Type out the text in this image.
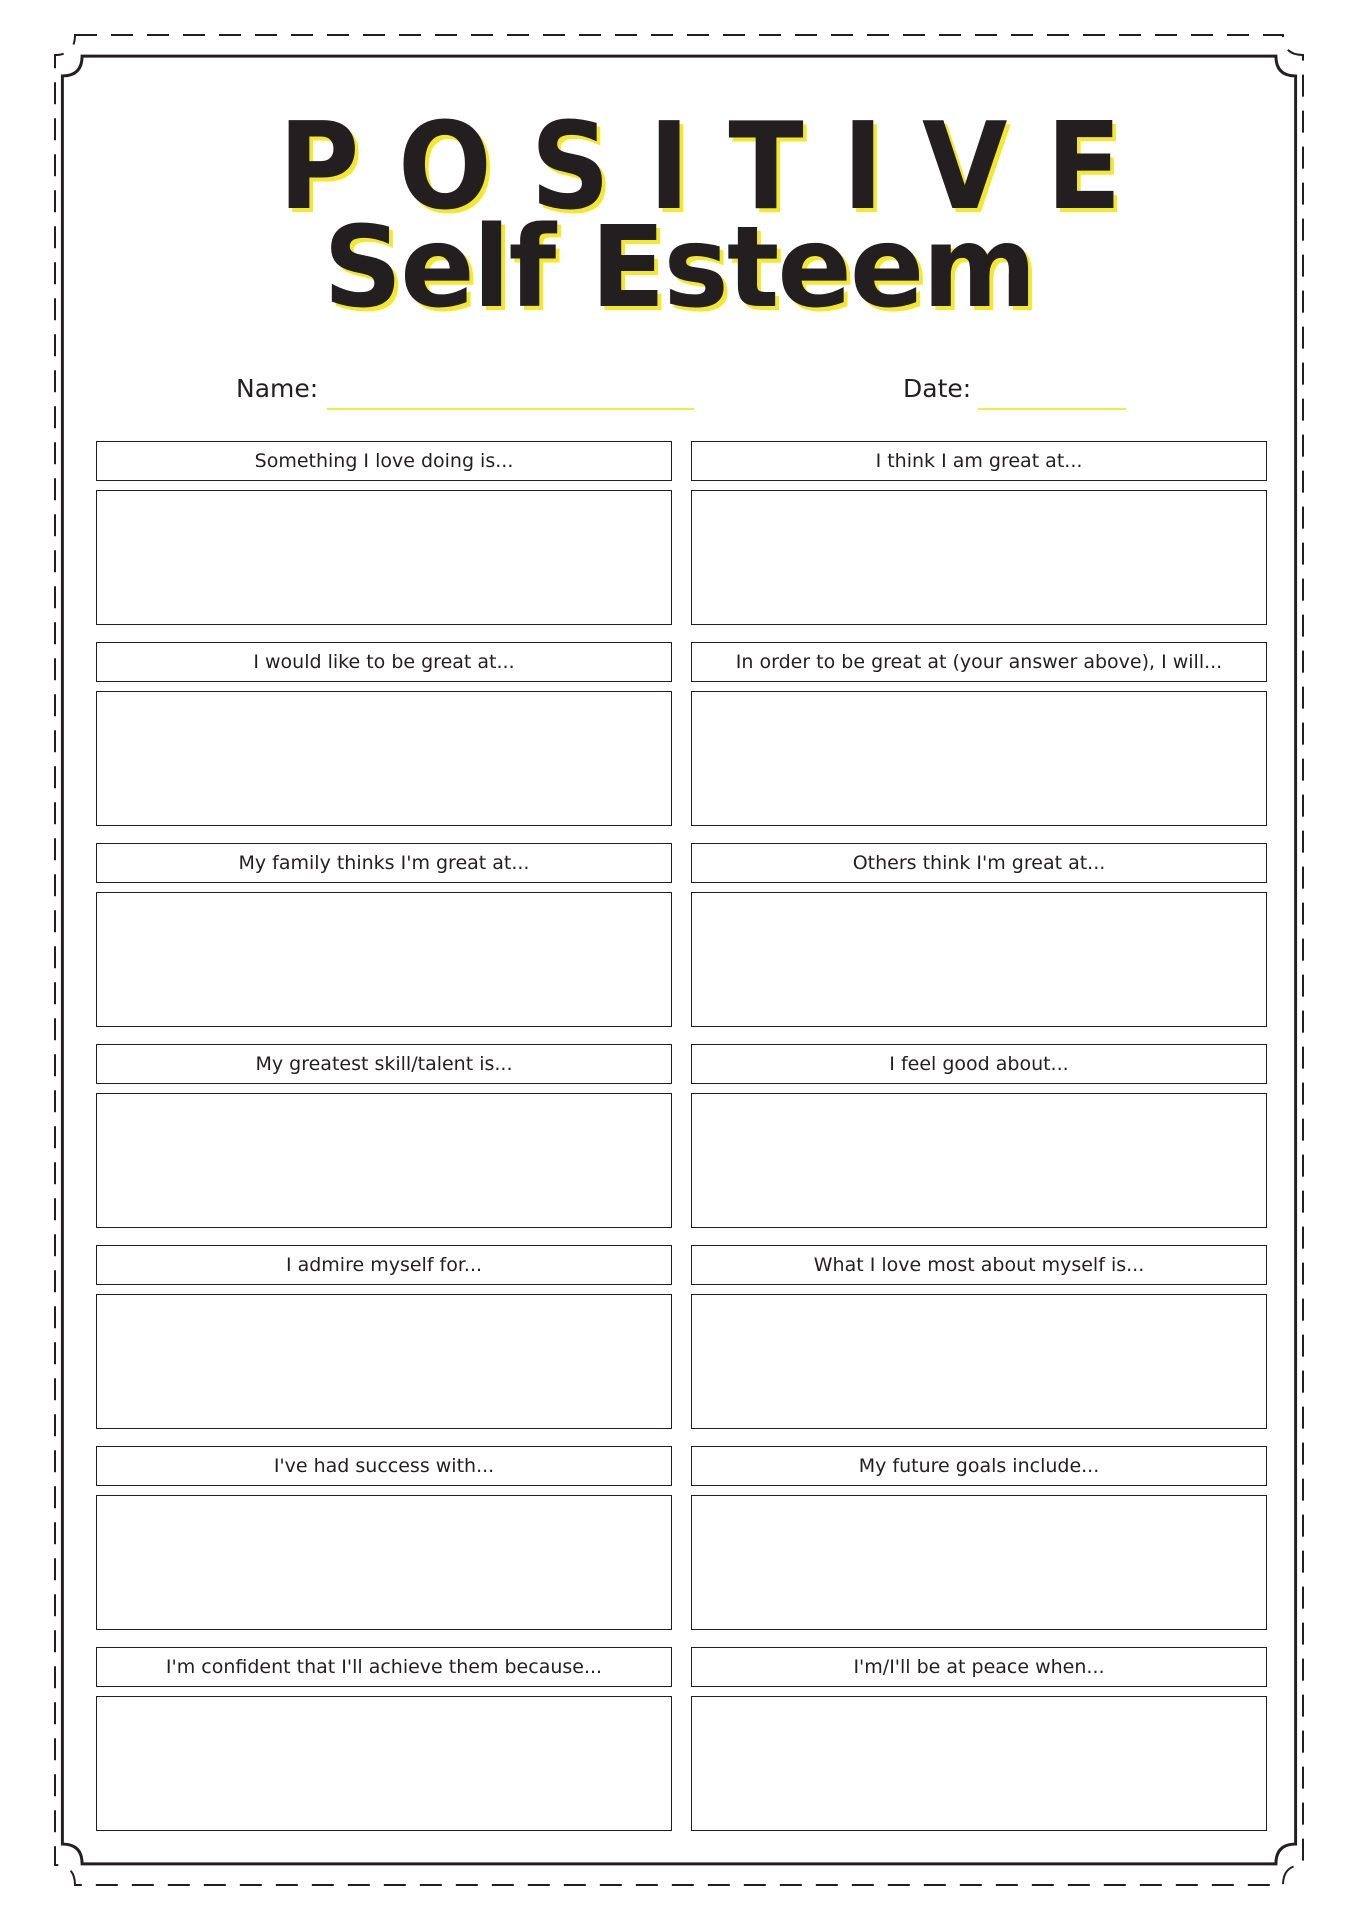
POSITIVE
Self Esteem
Name:	Date:
Something I love doing is...	I think I am great at...
I would like to be great at...	In order to be great at (your answer above), I will...
My family thinks I'm great at...	Others think I'm great at...
My greatest skill/talent is...	I feel good about...
I admire myself for...	What I love most about myself is...
I've had success with...	My future goals include...
I'm confident that I'll achieve them because...	I'm/I'll be at peace when...
